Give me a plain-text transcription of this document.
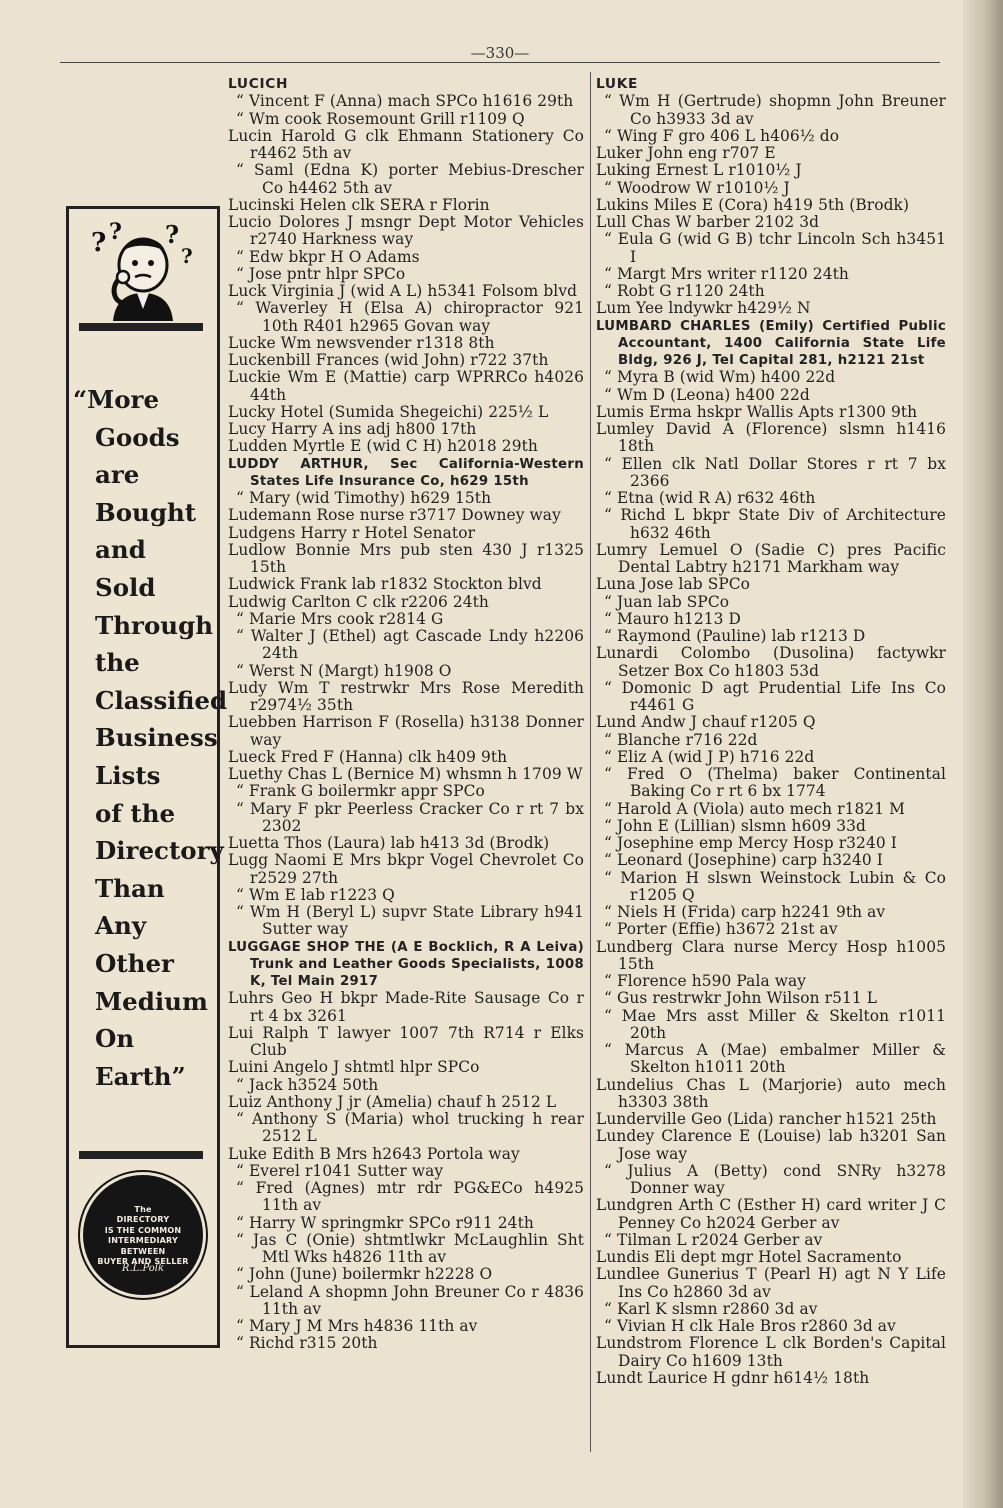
—330—
? ? ?
?
“More
Goods
are
Bought
and
Sold
Through
the
Classified
Business
Lists
of the
Directory
Than
Any
Other
Medium
On
Earth”
The
DIRECTORY
IS THE COMMON
INTERMEDIARY
BETWEEN
BUYER AND SELLER
R.L.Polk
LUCICH
“ Vincent F (Anna) mach SPCo h1616 29th
“ Wm cook Rosemount Grill r1109 Q
Lucin Harold G clk Ehmann Stationery Co r4462 5th av
“ Saml (Edna K) porter Mebius-Drescher Co h4462 5th av
Lucinski Helen clk SERA r Florin
Lucio Dolores J msngr Dept Motor Vehicles r2740 Harkness way
“ Edw bkpr H O Adams
“ Jose pntr hlpr SPCo
Luck Virginia J (wid A L) h5341 Folsom blvd
“ Waverley H (Elsa A) chiropractor 921 10th R401 h2965 Govan way
Lucke Wm newsvender r1318 8th
Luckenbill Frances (wid John) r722 37th
Luckie Wm E (Mattie) carp WPRRCo h4026 44th
Lucky Hotel (Sumida Shegeichi) 225½ L
Lucy Harry A ins adj h800 17th
Ludden Myrtle E (wid C H) h2018 29th
LUDDY ARTHUR, Sec California-Western States Life Insurance Co, h629 15th
“ Mary (wid Timothy) h629 15th
Ludemann Rose nurse r3717 Downey way
Ludgens Harry r Hotel Senator
Ludlow Bonnie Mrs pub sten 430 J r1325 15th
Ludwick Frank lab r1832 Stockton blvd
Ludwig Carlton C clk r2206 24th
“ Marie Mrs cook r2814 G
“ Walter J (Ethel) agt Cascade Lndy h2206 24th
“ Werst N (Margt) h1908 O
Ludy Wm T restrwkr Mrs Rose Meredith r2974½ 35th
Luebben Harrison F (Rosella) h3138 Donner way
Lueck Fred F (Hanna) clk h409 9th
Luethy Chas L (Bernice M) whsmn h 1709 W
“ Frank G boilermkr appr SPCo
“ Mary F pkr Peerless Cracker Co r rt 7 bx 2302
Luetta Thos (Laura) lab h413 3d (Brodk)
Lugg Naomi E Mrs bkpr Vogel Chevrolet Co r2529 27th
“ Wm E lab r1223 Q
“ Wm H (Beryl L) supvr State Library h941 Sutter way
LUGGAGE SHOP THE (A E Bocklich, R A Leiva) Trunk and Leather Goods Specialists, 1008 K, Tel Main 2917
Luhrs Geo H bkpr Made-Rite Sausage Co r rt 4 bx 3261
Lui Ralph T lawyer 1007 7th R714 r Elks Club
Luini Angelo J shtmtl hlpr SPCo
“ Jack h3524 50th
Luiz Anthony J jr (Amelia) chauf h 2512 L
“ Anthony S (Maria) whol trucking h rear 2512 L
Luke Edith B Mrs h2643 Portola way
“ Everel r1041 Sutter way
“ Fred (Agnes) mtr rdr PG&ECo h4925 11th av
“ Harry W springmkr SPCo r911 24th
“ Jas C (Onie) shtmtlwkr McLaughlin Sht Mtl Wks h4826 11th av
“ John (June) boilermkr h2228 O
“ Leland A shopmn John Breuner Co r 4836 11th av
“ Mary J M Mrs h4836 11th av
“ Richd r315 20th
LUKE
“ Wm H (Gertrude) shopmn John Breuner Co h3933 3d av
“ Wing F gro 406 L h406½ do
Luker John eng r707 E
Luking Ernest L r1010½ J
“ Woodrow W r1010½ J
Lukins Miles E (Cora) h419 5th (Brodk)
Lull Chas W barber 2102 3d
“ Eula G (wid G B) tchr Lincoln Sch h3451 I
“ Margt Mrs writer r1120 24th
“ Robt G r1120 24th
Lum Yee lndywkr h429½ N
LUMBARD CHARLES (Emily) Certified Public Accountant, 1400 California State Life Bldg, 926 J, Tel Capital 281, h2121 21st
“ Myra B (wid Wm) h400 22d
“ Wm D (Leona) h400 22d
Lumis Erma hskpr Wallis Apts r1300 9th
Lumley David A (Florence) slsmn h1416 18th
“ Ellen clk Natl Dollar Stores r rt 7 bx 2366
“ Etna (wid R A) r632 46th
“ Richd L bkpr State Div of Architecture h632 46th
Lumry Lemuel O (Sadie C) pres Pacific Dental Labtry h2171 Markham way
Luna Jose lab SPCo
“ Juan lab SPCo
“ Mauro h1213 D
“ Raymond (Pauline) lab r1213 D
Lunardi Colombo (Dusolina) factywkr Setzer Box Co h1803 53d
“ Domonic D agt Prudential Life Ins Co r4461 G
Lund Andw J chauf r1205 Q
“ Blanche r716 22d
“ Eliz A (wid J P) h716 22d
“ Fred O (Thelma) baker Continental Baking Co r rt 6 bx 1774
“ Harold A (Viola) auto mech r1821 M
“ John E (Lillian) slsmn h609 33d
“ Josephine emp Mercy Hosp r3240 I
“ Leonard (Josephine) carp h3240 I
“ Marion H slswn Weinstock Lubin & Co r1205 Q
“ Niels H (Frida) carp h2241 9th av
“ Porter (Effie) h3672 21st av
Lundberg Clara nurse Mercy Hosp h1005 15th
“ Florence h590 Pala way
“ Gus restrwkr John Wilson r511 L
“ Mae Mrs asst Miller & Skelton r1011 20th
“ Marcus A (Mae) embalmer Miller & Skelton h1011 20th
Lundelius Chas L (Marjorie) auto mech h3303 38th
Lunderville Geo (Lida) rancher h1521 25th
Lundey Clarence E (Louise) lab h3201 San Jose way
“ Julius A (Betty) cond SNRy h3278 Donner way
Lundgren Arth C (Esther H) card writer J C Penney Co h2024 Gerber av
“ Tilman L r2024 Gerber av
Lundis Eli dept mgr Hotel Sacramento
Lundlee Gunerius T (Pearl H) agt N Y Life Ins Co h2860 3d av
“ Karl K slsmn r2860 3d av
“ Vivian H clk Hale Bros r2860 3d av
Lundstrom Florence L clk Borden's Capital Dairy Co h1609 13th
Lundt Laurice H gdnr h614½ 18th
